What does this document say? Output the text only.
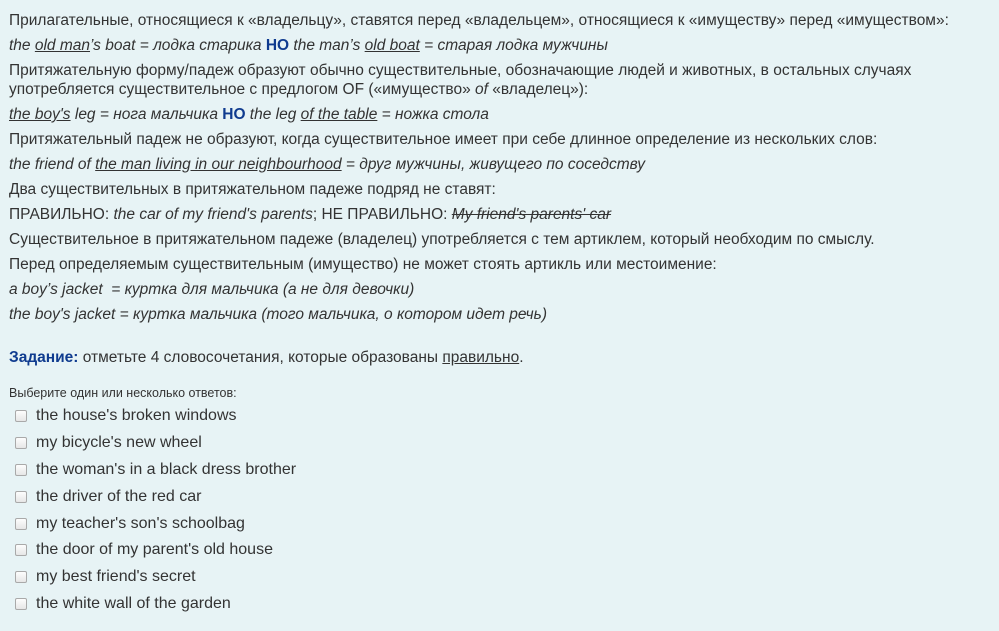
Прилагательные, относящиеся к «владельцу», ставятся перед «владельцем», относящиеся к «имуществу» перед «имуществом»:
the old man’s boat = лодка старика НО the man’s old boat = старая лодка мужчины
Притяжательную форму/падеж образуют обычно существительные, обозначающие людей и животных, в остальных случаях
употребляется существительное с предлогом OF («имущество» of «владелец»):
the boy's leg = нога мальчика НО the leg of the table = ножка стола
Притяжательный падеж не образуют, когда существительное имеет при себе длинное определение из нескольких слов:
the friend of the man living in our neighbourhood = друг мужчины, живущего по соседству
Два существительных в притяжательном падеже подряд не ставят:
ПРАВИЛЬНО: the car of my friend's parents; НЕ ПРАВИЛЬНО: My friend's parents' car
Существительное в притяжательном падеже (владелец) употребляется с тем артиклем, который необходим по смыслу.
Перед определяемым существительным (имущество) не может стоять артикль или местоимение:
a boy’s jacket  = куртка для мальчика (а не для девочки)
the boy's jacket = куртка мальчика (того мальчика, о котором идет речь)
Задание: отметьте 4 словосочетания, которые образованы правильно.
Выберите один или несколько ответов:
the house's broken windows
my bicycle's new wheel
the woman's in a black dress brother
the driver of the red car
my teacher's son's schoolbag
the door of my parent's old house
my best friend's secret
the white wall of the garden
